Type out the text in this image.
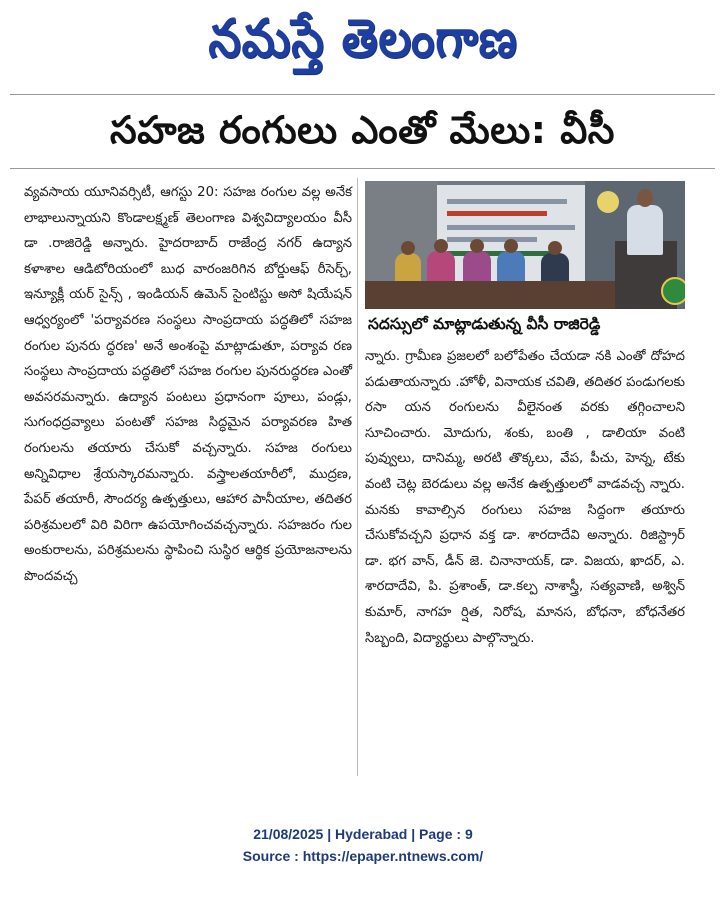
నమస్తే తెలంగాణ
సహజ రంగులు ఎంతో మేలు: వీసీ

వ్యవసాయ యూనివర్సిటీ, ఆగస్టు 20: సహజ రంగుల వల్ల అనేక లాభాలున్నాయని కొండాలక్ష్మణ్ తెలంగాణ విశ్వవిద్యాలయం వీసీ డా .రాజిరెడ్డి అన్నారు. హైదరాబాద్ రాజేంద్ర నగర్ ఉద్యాన కళాశాల ఆడిటోరియంలో బుధ వారంజరిగిన బోర్డుఆఫ్ రీసెర్చ్, ఇన్యూక్లీ యర్ సైన్స్ , ఇండియన్ ఉమెన్ సైంటిస్టు అసో షియేషన్ ఆధ్వర్యంలో 'పర్యావరణ సంస్థలు సాంప్రదాయ పద్ధతిలో సహజ రంగుల పునరు ద్ధరణ' అనే అంశంపై మాట్లాడుతూ, పర్యావ రణ సంస్థలు సాంప్రదాయ పద్ధతిలో సహజ రంగుల పునరుద్ధరణ ఎంతో అవసరమన్నారు. ఉద్యాన పంటలు ప్రధానంగా పూలు, పండ్లు, సుగంధద్రవ్యాలు పంటతో సహజ సిద్ధమైన పర్యావరణ హిత రంగులను తయారు చేసుకో వచ్చన్నారు. సహజ రంగులు అన్నివిధాల శ్రేయస్కారమన్నారు. వస్త్రాలతయారీలో, ముద్రణ, పేపర్ తయారీ, సౌందర్య ఉత్పత్తులు, ఆహార పానీయాల, తదితర పరిశ్రమలలో విరి విరిగా ఉపయోగించవచ్చన్నారు. సహజరం గుల అంకురాలను, పరిశ్రమలను స్థాపించి సుస్థిర ఆర్థిక ప్రయోజనాలను పొందవచ్చ

సదస్సులో మాట్లాడుతున్న వీసీ రాజిరెడ్డి

న్నారు. గ్రామీణ ప్రజలలో బలోపేతం చేయడా నకి ఎంతో దోహద పడుతాయన్నారు .హోళీ, వినాయక చవితి, తదితర పండుగలకు రసా యన రంగులను వీలైనంత వరకు తగ్గించాలని సూచించారు. మోదుగు, శంకు, బంతి , డాలియా వంటి పువ్వులు, దానిమ్మ, అరటి తొక్కలు, వేప, పీచు, హెన్న, టేకు వంటి చెట్ల బెరడులు వల్ల అనేక ఉత్పత్తులలో వాడవచ్చ న్నారు. మనకు కావాల్సిన రంగులు సహజ సిద్దంగా తయారు చేసుకోవచ్చని ప్రధాన వక్త డా. శారదాదేవి అన్నారు. రిజిస్ట్రార్ డా. భగ వాన్, డీన్ జె. చినానాయక్, డా. విజయ, ఖాదర్, ఎ. శారదాదేవి, పి. ప్రశాంత్, డా.కల్ప నాశాస్త్రీ, సత్యవాణి, అశ్విన్ కుమార్, నాగహ ర్షిత, నిరోష, మానస, బోధనా, బోధనేతర సిబ్బంది, విద్యార్థులు పాల్గొన్నారు.

21/08/2025 | Hyderabad | Page : 9
Source : https://epaper.ntnews.com/
